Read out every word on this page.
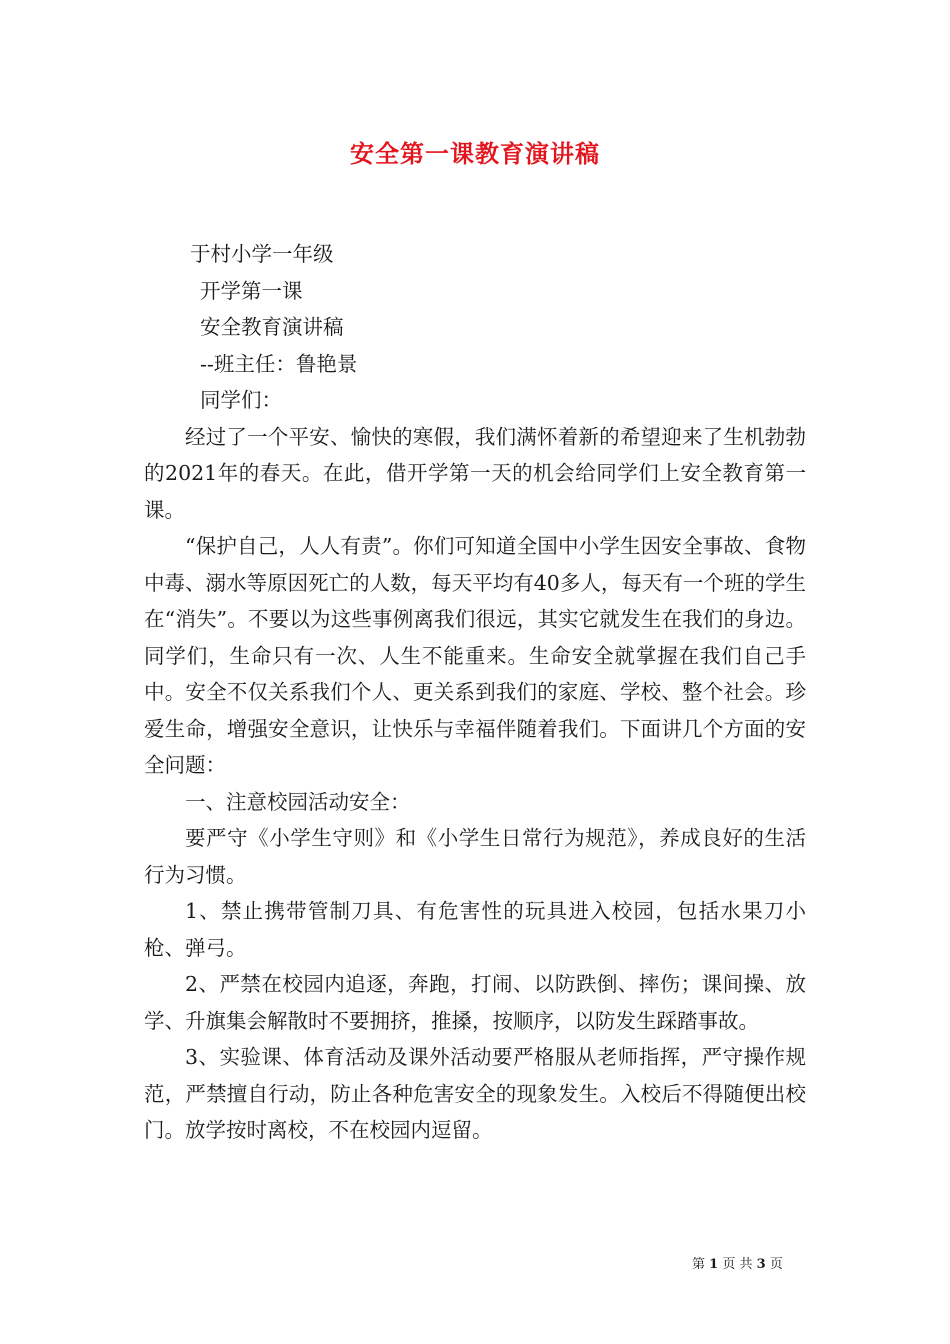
安全第一课教育演讲稿
于村小学一年级
开学第一课
安全教育演讲稿
--班主任：鲁艳景
同学们：
经过了一个平安、愉快的寒假，我们满怀着新的希望迎来了生机勃勃的2021年的春天。在此，借开学第一天的机会给同学们上安全教育第一课。
“保护自己，人人有责”。你们可知道全国中小学生因安全事故、食物中毒、溺水等原因死亡的人数，每天平均有40多人，每天有一个班的学生在“消失”。不要以为这些事例离我们很远，其实它就发生在我们的身边。同学们，生命只有一次、人生不能重来。生命安全就掌握在我们自己手中。安全不仅关系我们个人、更关系到我们的家庭、学校、整个社会。珍爱生命，增强安全意识，让快乐与幸福伴随着我们。下面讲几个方面的安全问题：
一、注意校园活动安全：
要严守《小学生守则》和《小学生日常行为规范》，养成良好的生活行为习惯。
1、禁止携带管制刀具、有危害性的玩具进入校园，包括水果刀小枪、弹弓。
2、严禁在校园内追逐，奔跑，打闹、以防跌倒、摔伤；课间操、放学、升旗集会解散时不要拥挤，推搡，按顺序，以防发生踩踏事故。
3、实验课、体育活动及课外活动要严格服从老师指挥，严守操作规范，严禁擅自行动，防止各种危害安全的现象发生。入校后不得随便出校门。放学按时离校，不在校园内逗留。
第 1 页 共 3 页
